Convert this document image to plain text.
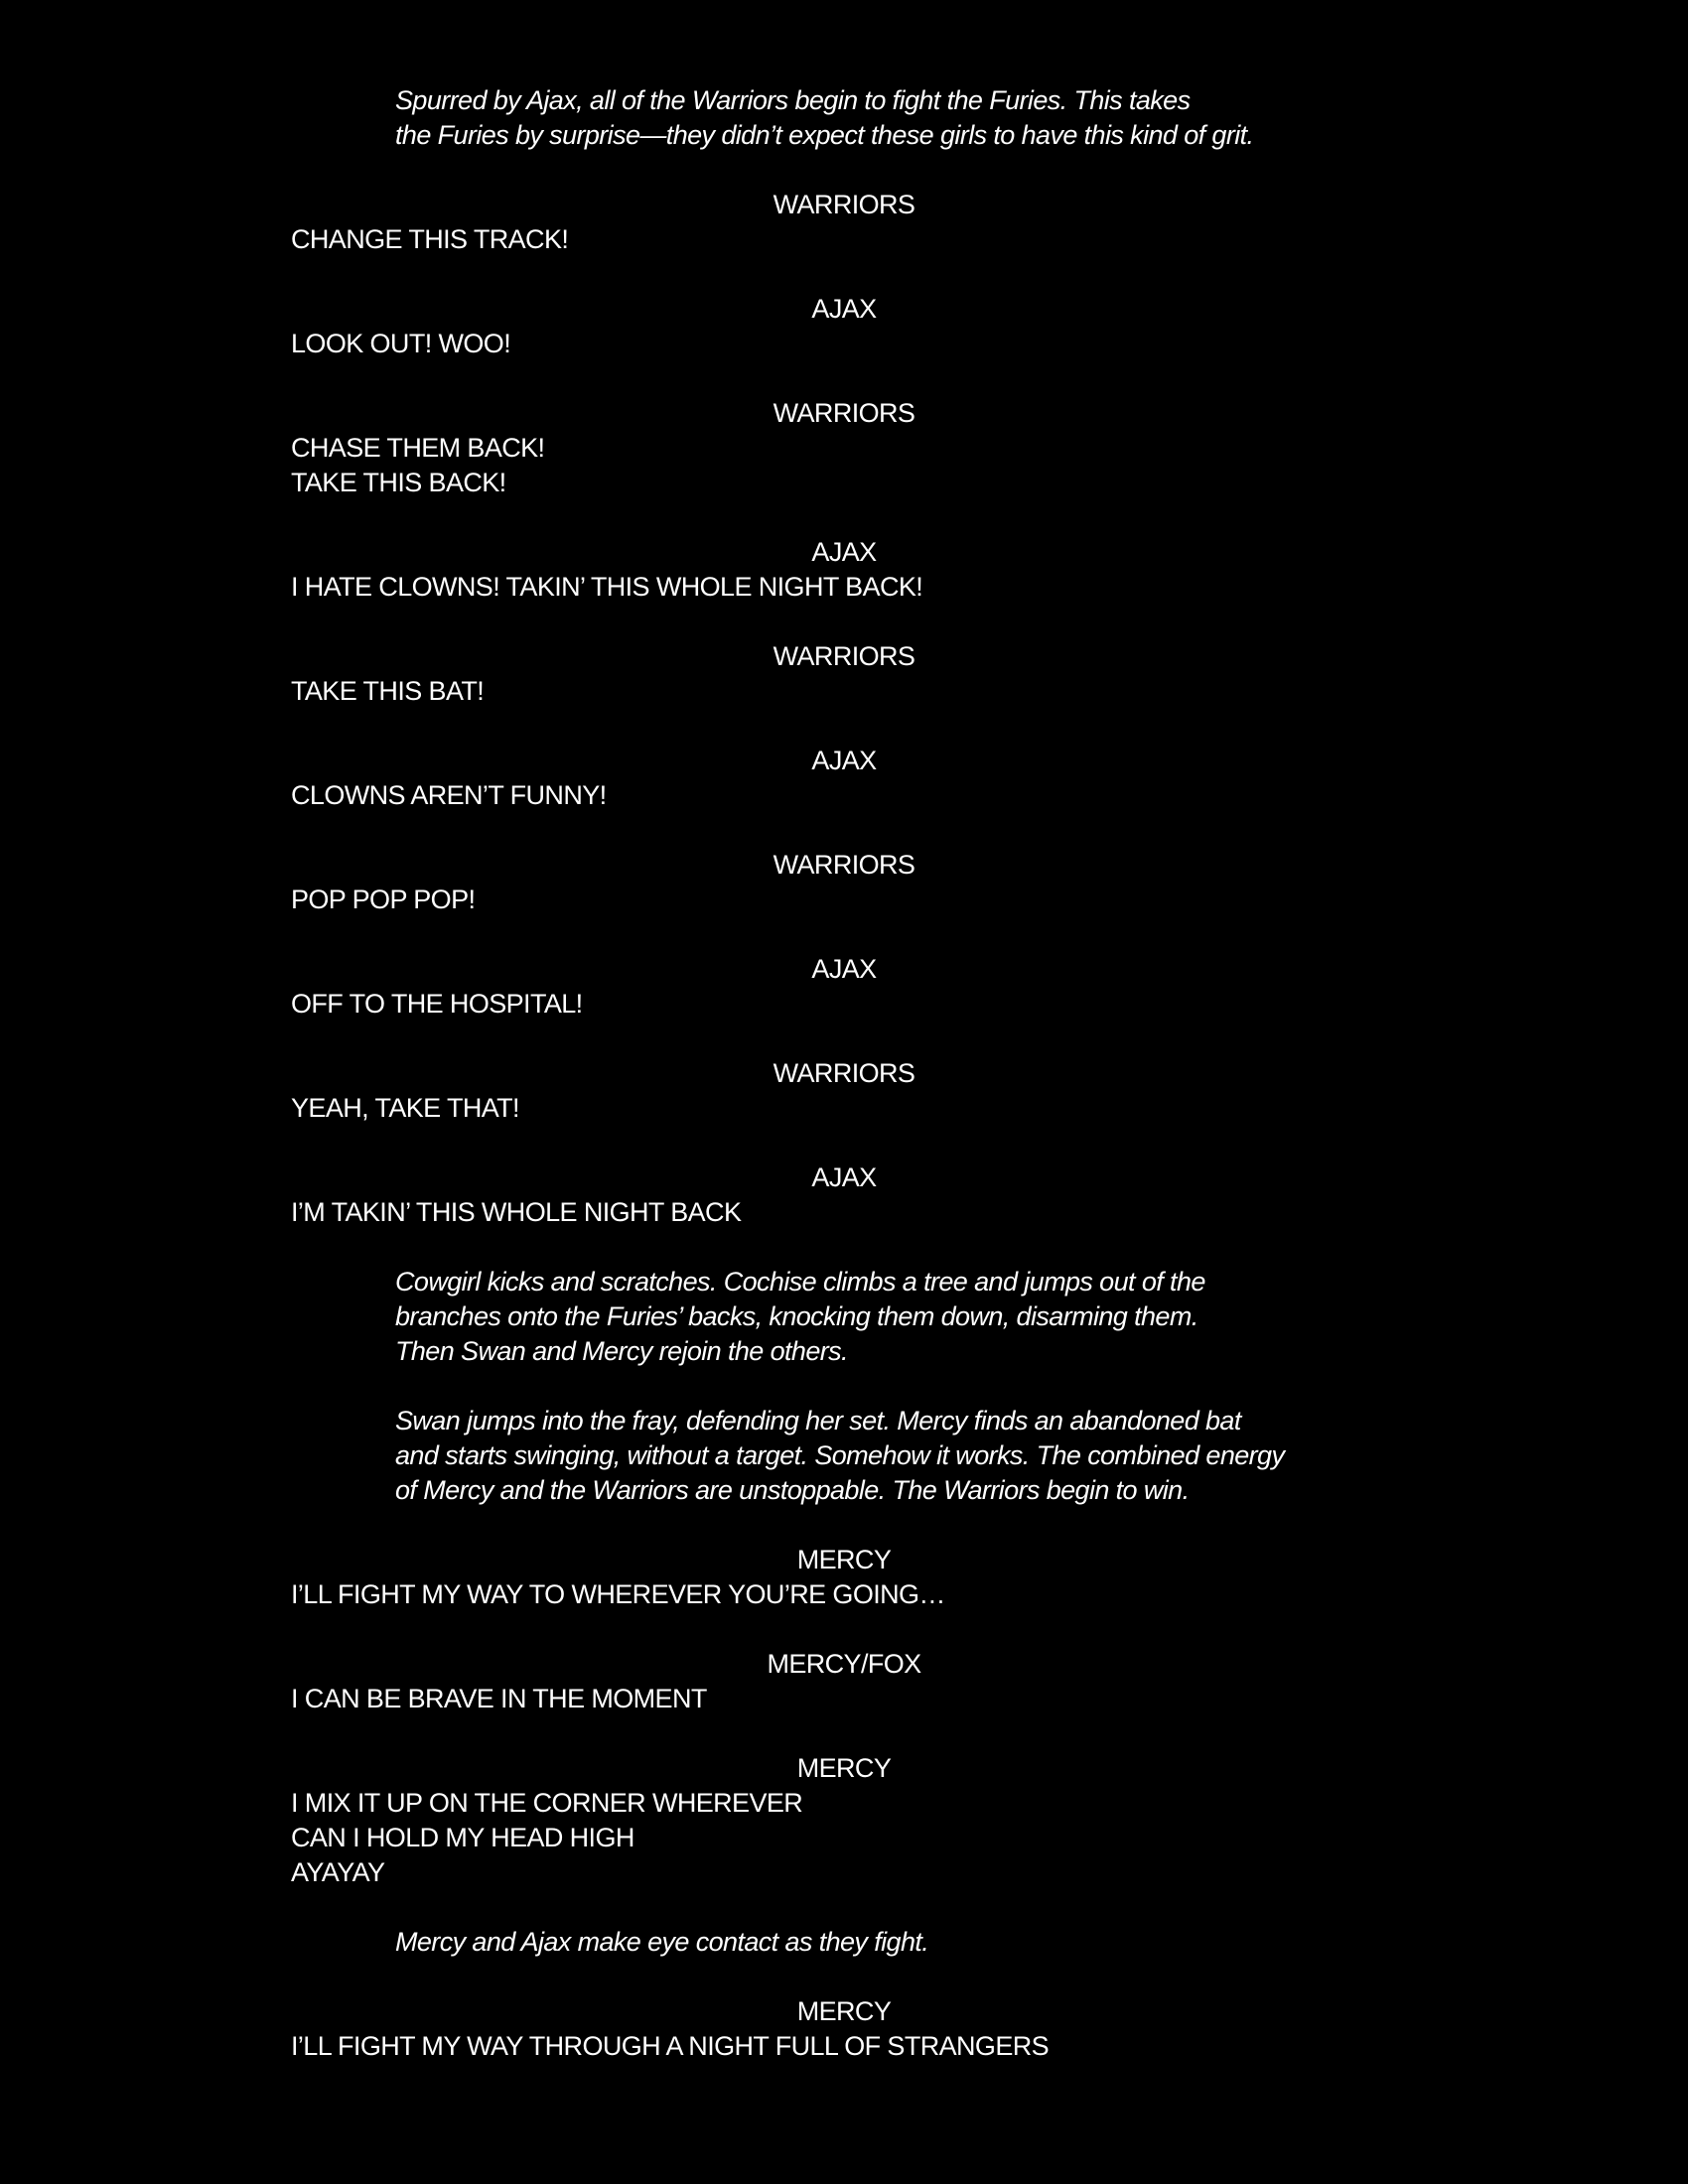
Spurred by Ajax, all of the Warriors begin to fight the Furies. This takes
the Furies by surprise—they didn’t expect these girls to have this kind of grit.
WARRIORS
CHANGE THIS TRACK!
AJAX
LOOK OUT! WOO!
WARRIORS
CHASE THEM BACK!
TAKE THIS BACK!
AJAX
I HATE CLOWNS! TAKIN’ THIS WHOLE NIGHT BACK!
WARRIORS
TAKE THIS BAT!
AJAX
CLOWNS AREN’T FUNNY!
WARRIORS
POP POP POP!
AJAX
OFF TO THE HOSPITAL!
WARRIORS
YEAH, TAKE THAT!
AJAX
I’M TAKIN’ THIS WHOLE NIGHT BACK
Cowgirl kicks and scratches. Cochise climbs a tree and jumps out of the
branches onto the Furies’ backs, knocking them down, disarming them.
Then Swan and Mercy rejoin the others.
Swan jumps into the fray, defending her set. Mercy finds an abandoned bat
and starts swinging, without a target. Somehow it works. The combined energy
of Mercy and the Warriors are unstoppable. The Warriors begin to win.
MERCY
I’LL FIGHT MY WAY TO WHEREVER YOU’RE GOING…
MERCY/FOX
I CAN BE BRAVE IN THE MOMENT
MERCY
I MIX IT UP ON THE CORNER WHEREVER
CAN I HOLD MY HEAD HIGH
AYAYAY
Mercy and Ajax make eye contact as they fight.
MERCY
I’LL FIGHT MY WAY THROUGH A NIGHT FULL OF STRANGERS
